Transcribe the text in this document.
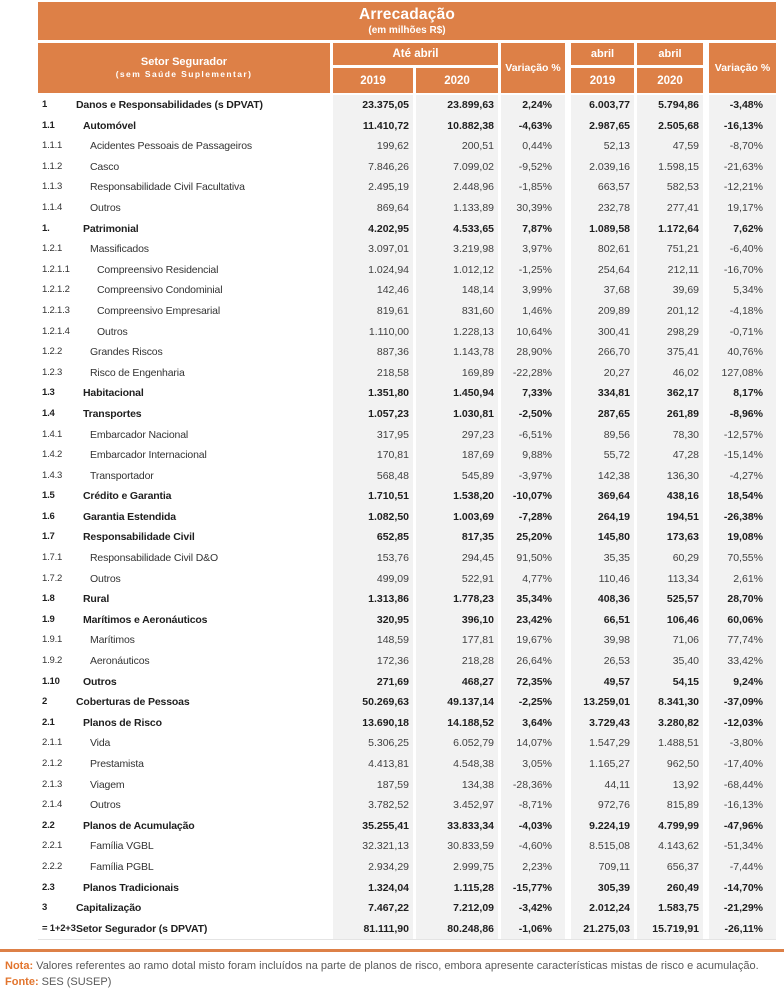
Arrecadação
(em milhões R$)
Setor Segurador
(sem Saúde Suplementar)
Até abril
Variação %
abril	abril
Variação %
2019	2020	2019	2020
1	Danos e Responsabilidades (s DPVAT)	23.375,05	23.899,63	2,24%	6.003,77	5.794,86	-3,48%
1.1	Automóvel	11.410,72	10.882,38	-4,63%	2.987,65	2.505,68	-16,13%
1.1.1	Acidentes Pessoais de Passageiros	199,62	200,51	0,44%	52,13	47,59	-8,70%
1.1.2	Casco	7.846,26	7.099,02	-9,52%	2.039,16	1.598,15	-21,63%
1.1.3	Responsabilidade Civil Facultativa	2.495,19	2.448,96	-1,85%	663,57	582,53	-12,21%
1.1.4	Outros	869,64	1.133,89	30,39%	232,78	277,41	19,17%
1.	Patrimonial	4.202,95	4.533,65	7,87%	1.089,58	1.172,64	7,62%
1.2.1	Massificados	3.097,01	3.219,98	3,97%	802,61	751,21	-6,40%
1.2.1.1	Compreensivo Residencial	1.024,94	1.012,12	-1,25%	254,64	212,11	-16,70%
1.2.1.2	Compreensivo Condominial	142,46	148,14	3,99%	37,68	39,69	5,34%
1.2.1.3	Compreensivo Empresarial	819,61	831,60	1,46%	209,89	201,12	-4,18%
1.2.1.4	Outros	1.110,00	1.228,13	10,64%	300,41	298,29	-0,71%
1.2.2	Grandes Riscos	887,36	1.143,78	28,90%	266,70	375,41	40,76%
1.2.3	Risco de Engenharia	218,58	169,89	-22,28%	20,27	46,02	127,08%
1.3	Habitacional	1.351,80	1.450,94	7,33%	334,81	362,17	8,17%
1.4	Transportes	1.057,23	1.030,81	-2,50%	287,65	261,89	-8,96%
1.4.1	Embarcador Nacional	317,95	297,23	-6,51%	89,56	78,30	-12,57%
1.4.2	Embarcador Internacional	170,81	187,69	9,88%	55,72	47,28	-15,14%
1.4.3	Transportador	568,48	545,89	-3,97%	142,38	136,30	-4,27%
1.5	Crédito e Garantia	1.710,51	1.538,20	-10,07%	369,64	438,16	18,54%
1.6	Garantia Estendida	1.082,50	1.003,69	-7,28%	264,19	194,51	-26,38%
1.7	Responsabilidade Civil	652,85	817,35	25,20%	145,80	173,63	19,08%
1.7.1	Responsabilidade Civil D&O	153,76	294,45	91,50%	35,35	60,29	70,55%
1.7.2	Outros	499,09	522,91	4,77%	110,46	113,34	2,61%
1.8	Rural	1.313,86	1.778,23	35,34%	408,36	525,57	28,70%
1.9	Marítimos e Aeronáuticos	320,95	396,10	23,42%	66,51	106,46	60,06%
1.9.1	Marítimos	148,59	177,81	19,67%	39,98	71,06	77,74%
1.9.2	Aeronáuticos	172,36	218,28	26,64%	26,53	35,40	33,42%
1.10	Outros	271,69	468,27	72,35%	49,57	54,15	9,24%
2	Coberturas de Pessoas	50.269,63	49.137,14	-2,25%	13.259,01	8.341,30	-37,09%
2.1	Planos de Risco	13.690,18	14.188,52	3,64%	3.729,43	3.280,82	-12,03%
2.1.1	Vida	5.306,25	6.052,79	14,07%	1.547,29	1.488,51	-3,80%
2.1.2	Prestamista	4.413,81	4.548,38	3,05%	1.165,27	962,50	-17,40%
2.1.3	Viagem	187,59	134,38	-28,36%	44,11	13,92	-68,44%
2.1.4	Outros	3.782,52	3.452,97	-8,71%	972,76	815,89	-16,13%
2.2	Planos de Acumulação	35.255,41	33.833,34	-4,03%	9.224,19	4.799,99	-47,96%
2.2.1	Família VGBL	32.321,13	30.833,59	-4,60%	8.515,08	4.143,62	-51,34%
2.2.2	Família PGBL	2.934,29	2.999,75	2,23%	709,11	656,37	-7,44%
2.3	Planos Tradicionais	1.324,04	1.115,28	-15,77%	305,39	260,49	-14,70%
3	Capitalização	7.467,22	7.212,09	-3,42%	2.012,24	1.583,75	-21,29%
= 1+2+3 Setor Segurador (s DPVAT)	81.111,90	80.248,86	-1,06%	21.275,03	15.719,91	-26,11%

Nota: Valores referentes ao ramo dotal misto foram incluídos na parte de planos de risco, embora apresente características mistas de risco e acumulação.

Fonte: SES (SUSEP)
